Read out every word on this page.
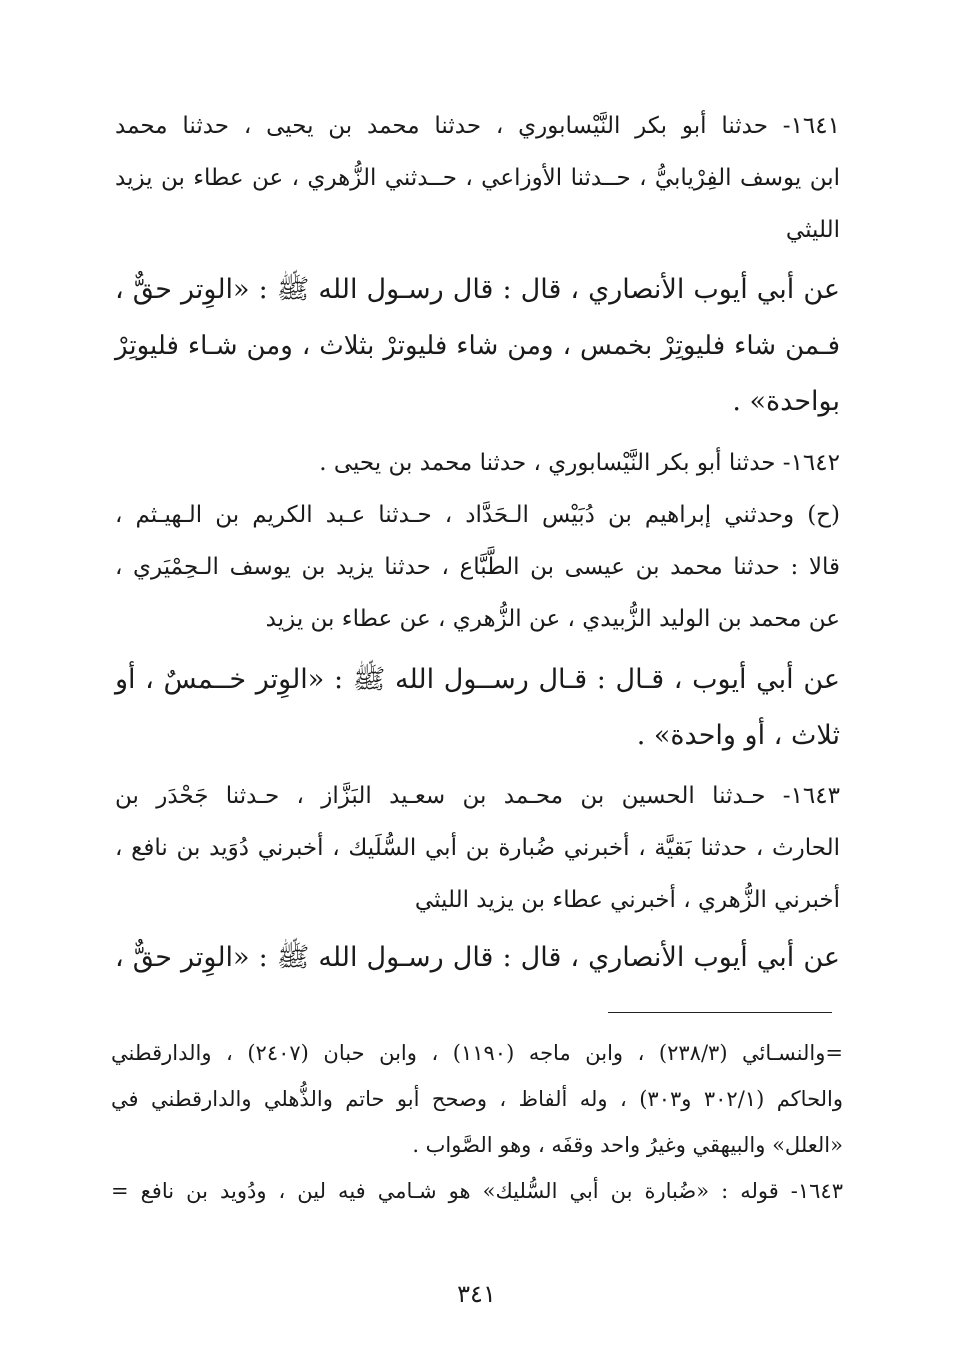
١٦٤١- حدثنا أبو بكر النَّيْسابوري ، حدثنا محمد بن يحيى ، حدثنا محمد
ابن يوسف الفِرْيابيُّ ، حــدثنا الأوزاعي ، حــدثني الزُّهري ، عن عطاء بن يزيد
الليثي
عن أبي أيوب الأنصاري ، قال : قال رسـول الله ﷺ : «الوِتر حقٌّ ،
فـمن شاء فليوتِرْ بخمس ، ومن شاء فليوترْ بثلاث ، ومن شـاء فليوتِرْ
بواحدة» .
١٦٤٢- حدثنا أبو بكر النَّيْسابوري ، حدثنا محمد بن يحيى .
(ح) وحدثني إبراهيم بن دُبَيْس الـحَدَّاد ، حـدثنا عـبد الكريم بن الـهيـثم ،
قالا : حدثنا محمد بن عيسى بن الطَّبَّاع ، حدثنا يزيد بن يوسف الـحِمْيَري ،
عن محمد بن الوليد الزُّبيدي ، عن الزُّهري ، عن عطاء بن يزيد
عن أبي أيوب ، قـال : قـال رســول الله ﷺ : «الوِتر خــمسٌ ، أو
ثلاث ، أو واحدة» .
١٦٤٣- حـدثنا الحسين بن محـمد بن سعـيد البَزَّاز ، حـدثنا جَحْدَر بن
الحارث ، حدثنا بَقيَّة ، أخبرني ضُبارة بن أبي السُّلَيك ، أخبرني دُوَيد بن نافع ،
أخبرني الزُّهري ، أخبرني عطاء بن يزيد الليثي
عن أبي أيوب الأنصاري ، قال : قال رسـول الله ﷺ : «الوِتر حقٌّ ،
=والنسـائي (٢٣٨/٣) ، وابن ماجه (١١٩٠) ، وابن حبان (٢٤٠٧) ، والدارقطني
والحاكم (٣٠٢/١ و٣٠٣) ، وله ألفاظ ، وصحح أبو حاتم والذُّهلي والدارقطني في
«العلل» والبيهقي وغيرُ واحد وقفَه ، وهو الصَّواب .
١٦٤٣- قوله : «ضُبارة بن أبي السُّليك» هو شـامي فيه لين ، ودُويد بن نافع =
٣٤١
